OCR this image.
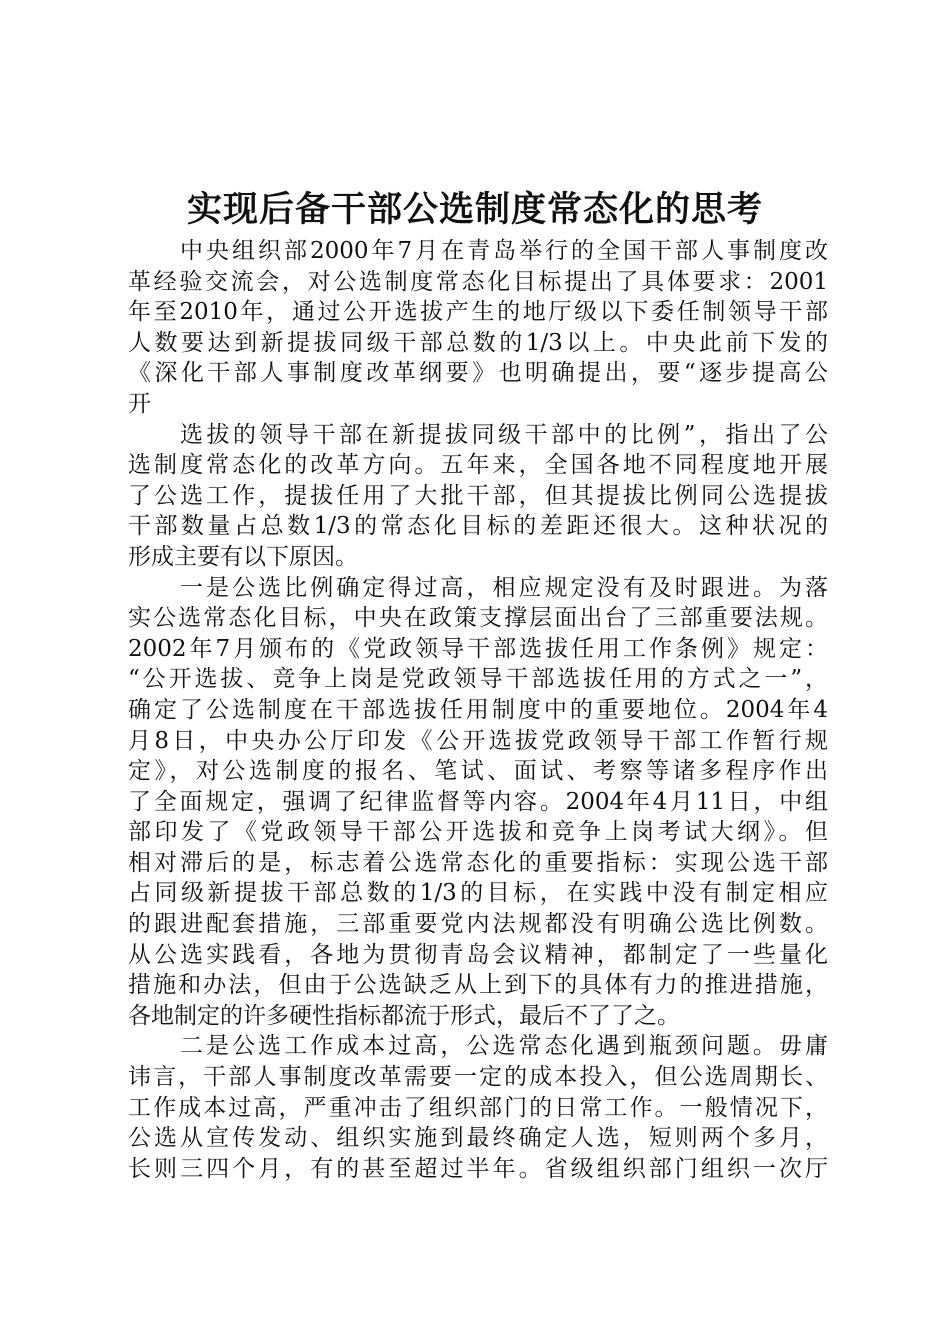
实现后备干部公选制度常态化的思考
中央组织部2000年7月在青岛举行的全国干部人事制度改
革经验交流会，对公选制度常态化目标提出了具体要求：2001
年至2010年，通过公开选拔产生的地厅级以下委任制领导干部
人数要达到新提拔同级干部总数的1/3以上。中央此前下发的
《深化干部人事制度改革纲要》也明确提出，要“逐步提高公
开
选拔的领导干部在新提拔同级干部中的比例”，指出了公
选制度常态化的改革方向。五年来，全国各地不同程度地开展
了公选工作，提拔任用了大批干部，但其提拔比例同公选提拔
干部数量占总数1/3的常态化目标的差距还很大。这种状况的
形成主要有以下原因。
一是公选比例确定得过高，相应规定没有及时跟进。为落
实公选常态化目标，中央在政策支撑层面出台了三部重要法规。
2002年7月颁布的《党政领导干部选拔任用工作条例》规定：
“公开选拔、竞争上岗是党政领导干部选拔任用的方式之一”，
确定了公选制度在干部选拔任用制度中的重要地位。2004年4
月8日，中央办公厅印发《公开选拔党政领导干部工作暂行规
定》，对公选制度的报名、笔试、面试、考察等诸多程序作出
了全面规定，强调了纪律监督等内容。2004年4月11日，中组
部印发了《党政领导干部公开选拔和竞争上岗考试大纲》。但
相对滞后的是，标志着公选常态化的重要指标：实现公选干部
占同级新提拔干部总数的1/3的目标，在实践中没有制定相应
的跟进配套措施，三部重要党内法规都没有明确公选比例数。
从公选实践看，各地为贯彻青岛会议精神，都制定了一些量化
措施和办法，但由于公选缺乏从上到下的具体有力的推进措施，
各地制定的许多硬性指标都流于形式，最后不了了之。
二是公选工作成本过高，公选常态化遇到瓶颈问题。毋庸
讳言，干部人事制度改革需要一定的成本投入，但公选周期长、
工作成本过高，严重冲击了组织部门的日常工作。一般情况下，
公选从宣传发动、组织实施到最终确定人选，短则两个多月，
长则三四个月，有的甚至超过半年。省级组织部门组织一次厅
